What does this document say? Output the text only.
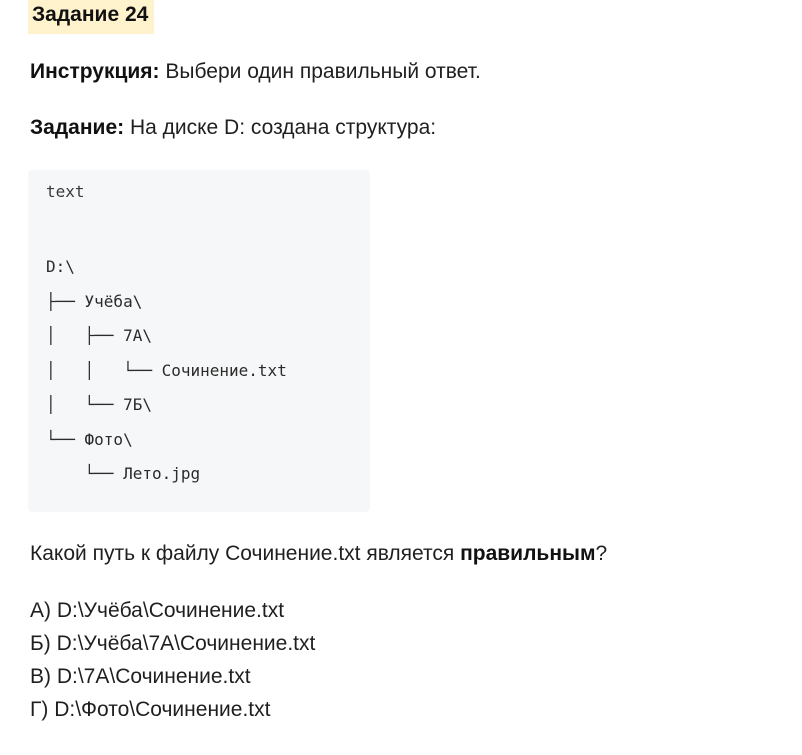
Задание 24
Инструкция: Выбери один правильный ответ.
Задание: На диске D: создана структура:
text
D:\
├── Учёба\
│   ├── 7А\
│   │   └── Сочинение.txt
│   └── 7Б\
└── Фото\
└── Лето.jpg
Какой путь к файлу Сочинение.txt является правильным?
А) D:\Учёба\Сочинение.txt
Б) D:\Учёба\7А\Сочинение.txt
В) D:\7А\Сочинение.txt
Г) D:\Фото\Сочинение.txt
